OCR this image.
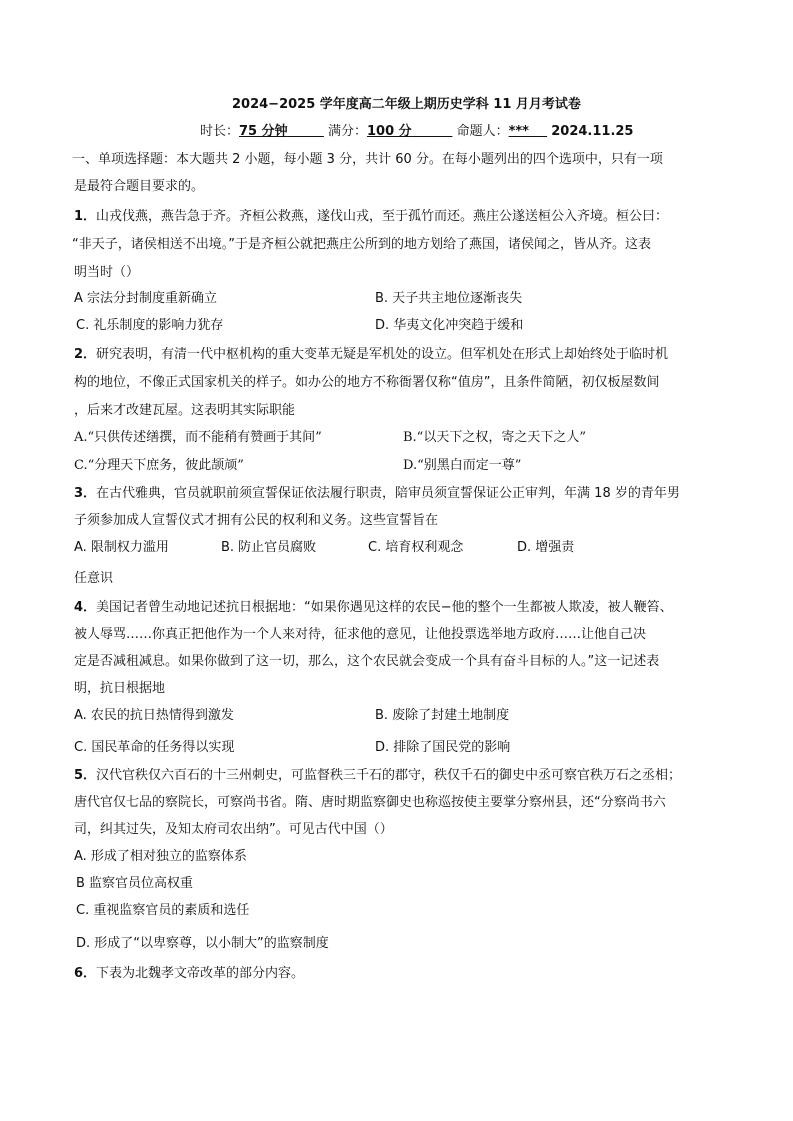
2024−2025 学年度高二年级上期历史学科 11 月月考试卷
时长：75 分钟	满分：100 分	命题人：*** 2024.11.25
一、单项选择题：本大题共 2 小题，每小题 3 分，共计 60 分。在每小题列出的四个选项中，只有一项
是最符合题目要求的。
1．山戎伐燕，燕告急于齐。齐桓公救燕，遂伐山戎，至于孤竹而还。燕庄公遂送桓公入齐境。桓公曰：
“非天子，诸侯相送不出境。”于是齐桓公就把燕庄公所到的地方划给了燕国，诸侯闻之，皆从齐。这表
明当时（）
A 宗法分封制度重新确立	B. 天子共主地位逐渐丧失
C. 礼乐制度的影响力犹存	D. 华夷文化冲突趋于缓和
2．研究表明，有清一代中枢机构的重大变革无疑是军机处的设立。但军机处在形式上却始终处于临时机
构的地位，不像正式国家机关的样子。如办公的地方不称衙署仅称“值房”，且条件简陋，初仅板屋数间
，后来才改建瓦屋。这表明其实际职能
A.“只供传述缮撰，而不能稍有赞画于其间”	B.“以天下之权，寄之天下之人”
C.“分理天下庶务，彼此颉颃”	D.“别黑白而定一尊”
3．在古代雅典，官员就职前须宣誓保证依法履行职责，陪审员须宣誓保证公正审判，年满 18 岁的青年男
子须参加成人宣誓仪式才拥有公民的权利和义务。这些宣誓旨在
A. 限制权力滥用	B. 防止官员腐败	C. 培育权利观念	D. 增强责
任意识
4．美国记者曾生动地记述抗日根据地：“如果你遇见这样的农民−他的整个一生都被人欺凌，被人鞭笞、
被人辱骂……你真正把他作为一个人来对待，征求他的意见，让他投票选举地方政府……让他自己决
定是否减租减息。如果你做到了这一切，那么，这个农民就会变成一个具有奋斗目标的人。”这一记述表
明，抗日根据地
A. 农民的抗日热情得到激发	B. 废除了封建土地制度
C. 国民革命的任务得以实现	D. 排除了国民党的影响
5．汉代官秩仅六百石的十三州刺史，可监督秩三千石的郡守，秩仅千石的御史中丞可察官秩万石之丞相；
唐代官仅七品的察院长，可察尚书省。隋、唐时期监察御史也称巡按使主要掌分察州县，还“分察尚书六
司，纠其过失，及知太府司农出纳”。可见古代中国（）
A. 形成了相对独立的监察体系
B 监察官员位高权重
C. 重视监察官员的素质和选任
D. 形成了“以卑察尊，以小制大”的监察制度
6．下表为北魏孝文帝改革的部分内容。
